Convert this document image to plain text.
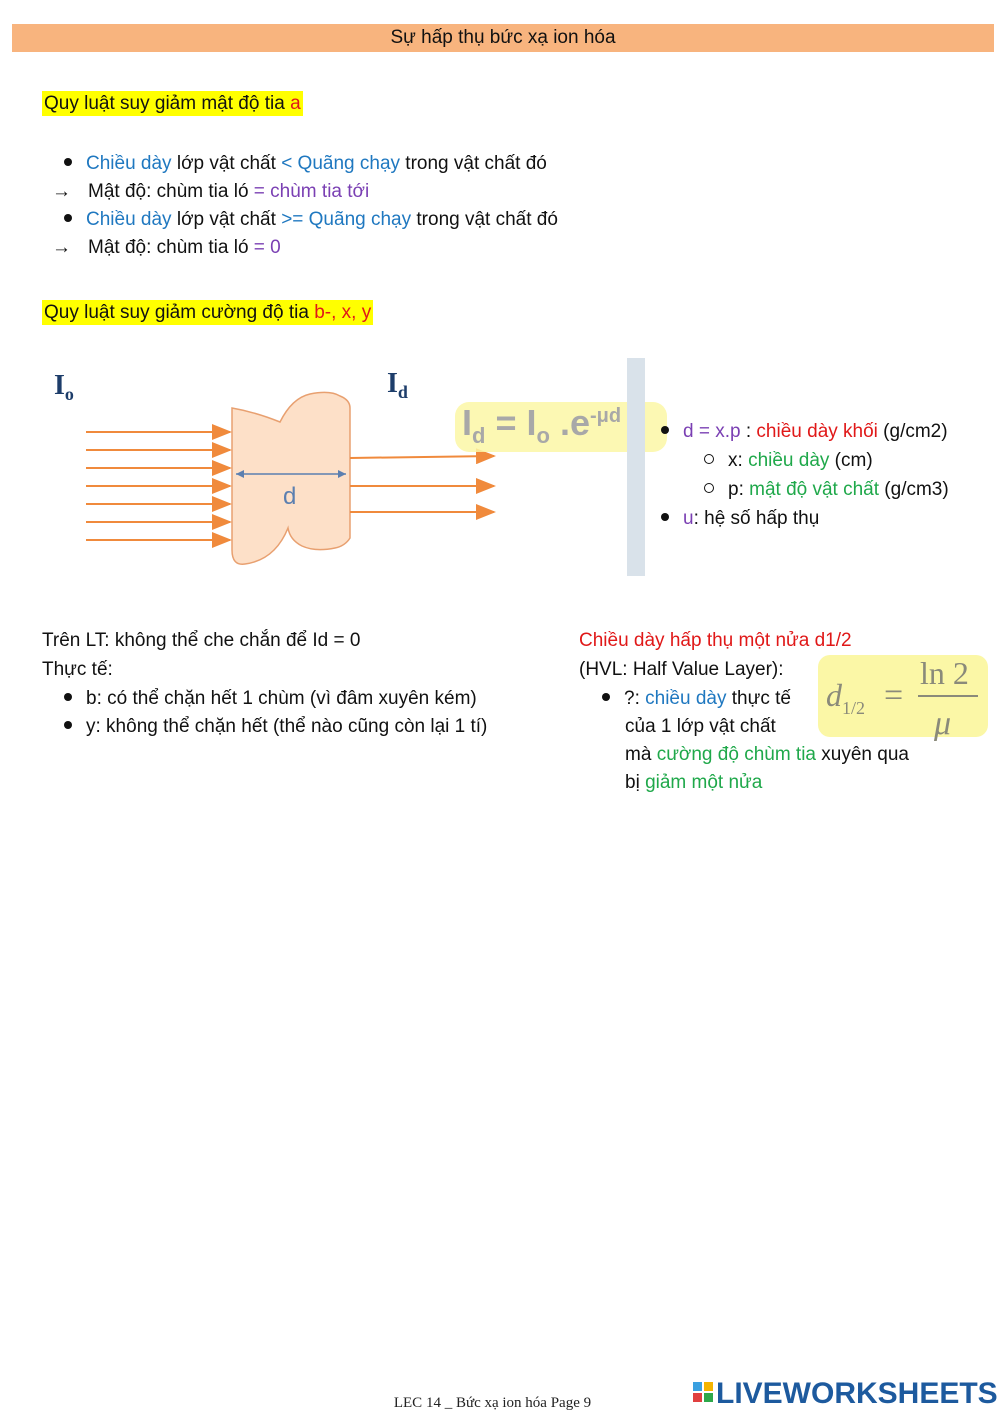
Sự hấp thụ bức xạ ion hóa
Quy luật suy giảm mật độ tia a
Chiều dày lớp vật chất < Quãng chạy trong vật chất đó
→ Mật độ: chùm tia ló = chùm tia tới
Chiều dày lớp vật chất >= Quãng chạy trong vật chất đó
→ Mật độ: chùm tia ló = 0
Quy luật suy giảm cường độ tia b-, x, y
d
$I_o$	$I_d$
$I_d = I_o$ $.e^{-\mu d}$
d = x.p : chiều dày khối (g/cm2)
x: chiều dày (cm)
p: mật độ vật chất (g/cm3)
u: hệ số hấp thụ
Trên LT: không thể che chắn để Id = 0
Thực tế:
b: có thể chặn hết 1 chùm (vì đâm xuyên kém)
y: không thể chặn hết (thể nào cũng còn lại 1 tí)
Chiều dày hấp thụ một nửa d1/2
(HVL: Half Value Layer):
?: chiều dày thực tế
của 1 lớp vật chất
mà cường độ chùm tia xuyên qua
bị giảm một nửa
$d_{1/2}$ =
ln 2
μ
LEC 14 _ Bức xạ ion hóa Page 9	LIVEWORKSHEETS
